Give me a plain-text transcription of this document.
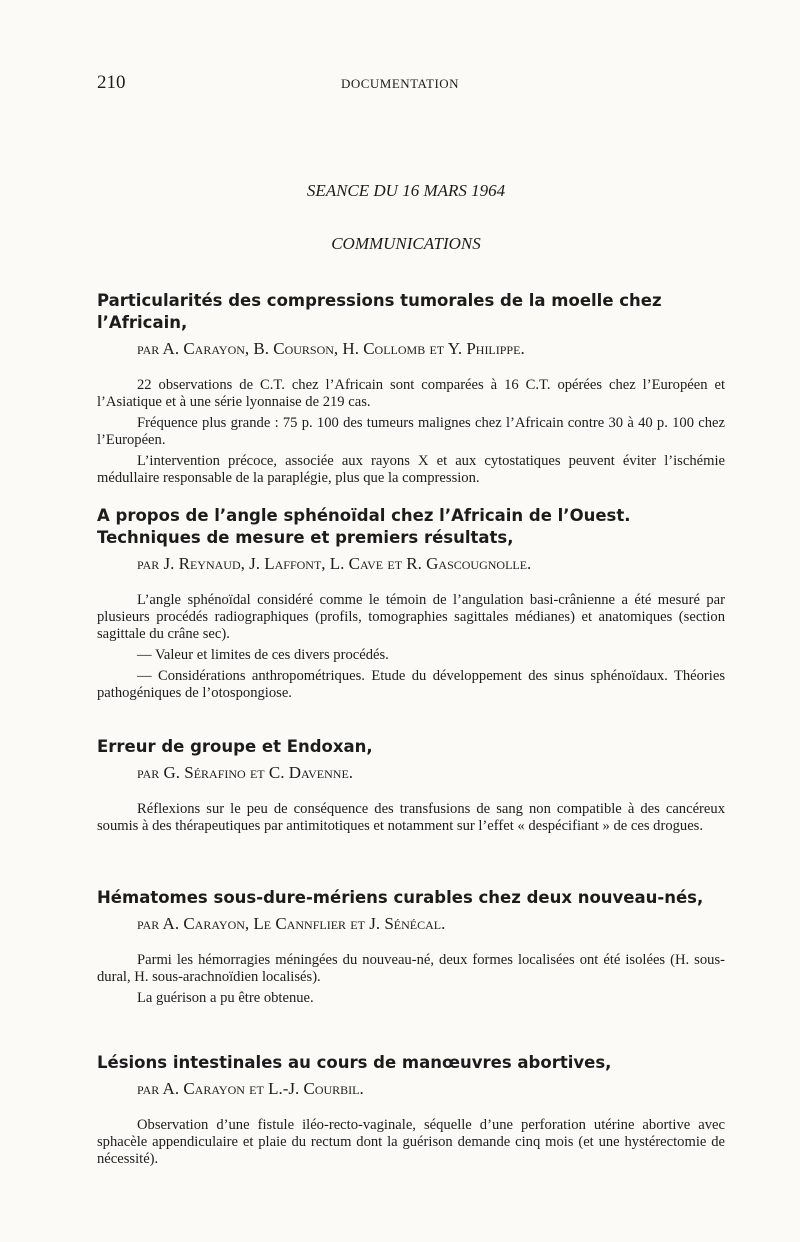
210	DOCUMENTATION
SEANCE DU 16 MARS 1964
COMMUNICATIONS
Particularités des compressions tumorales de la moelle chez l’Africain,
par A. Carayon, B. Courson, H. Collomb et Y. Philippe.

22 observations de C.T. chez l’Africain sont comparées à 16 C.T. opérées chez l’Européen et l’Asiatique et à une série lyonnaise de 219 cas.

Fréquence plus grande : 75 p. 100 des tumeurs malignes chez l’Africain contre 30 à 40 p. 100 chez l’Européen.

L’intervention précoce, associée aux rayons X et aux cytostatiques peuvent éviter l’ischémie médullaire responsable de la paraplégie, plus que la compression.

A propos de l’angle sphénoïdal chez l’Africain de l’Ouest. Techniques de mesure et premiers résultats,
par J. Reynaud, J. Laffont, L. Cave et R. Gascougnolle.

L’angle sphénoïdal considéré comme le témoin de l’angulation basi-crânienne a été mesuré par plusieurs procédés radiographiques (profils, tomographies sagittales médianes) et anatomiques (section sagittale du crâne sec).

— Valeur et limites de ces divers procédés.

— Considérations anthropométriques. Etude du développement des sinus sphénoïdaux. Théories pathogéniques de l’otospongiose.

Erreur de groupe et Endoxan,
par G. Sérafino et C. Davenne.

Réflexions sur le peu de conséquence des transfusions de sang non compatible à des cancéreux soumis à des thérapeutiques par antimitotiques et notamment sur l’effet « despécifiant » de ces drogues.

Hématomes sous-dure-mériens curables chez deux nouveau-nés,
par A. Carayon, Le Cannflier et J. Sénécal.

Parmi les hémorragies méningées du nouveau-né, deux formes localisées ont été isolées (H. sous-dural, H. sous-arachnoïdien localisés).

La guérison a pu être obtenue.

Lésions intestinales au cours de manœuvres abortives,
par A. Carayon et L.-J. Courbil.

Observation d’une fistule iléo-recto-vaginale, séquelle d’une perforation utérine abortive avec sphacèle appendiculaire et plaie du rectum dont la guérison demande cinq mois (et une hystérectomie de nécessité).
